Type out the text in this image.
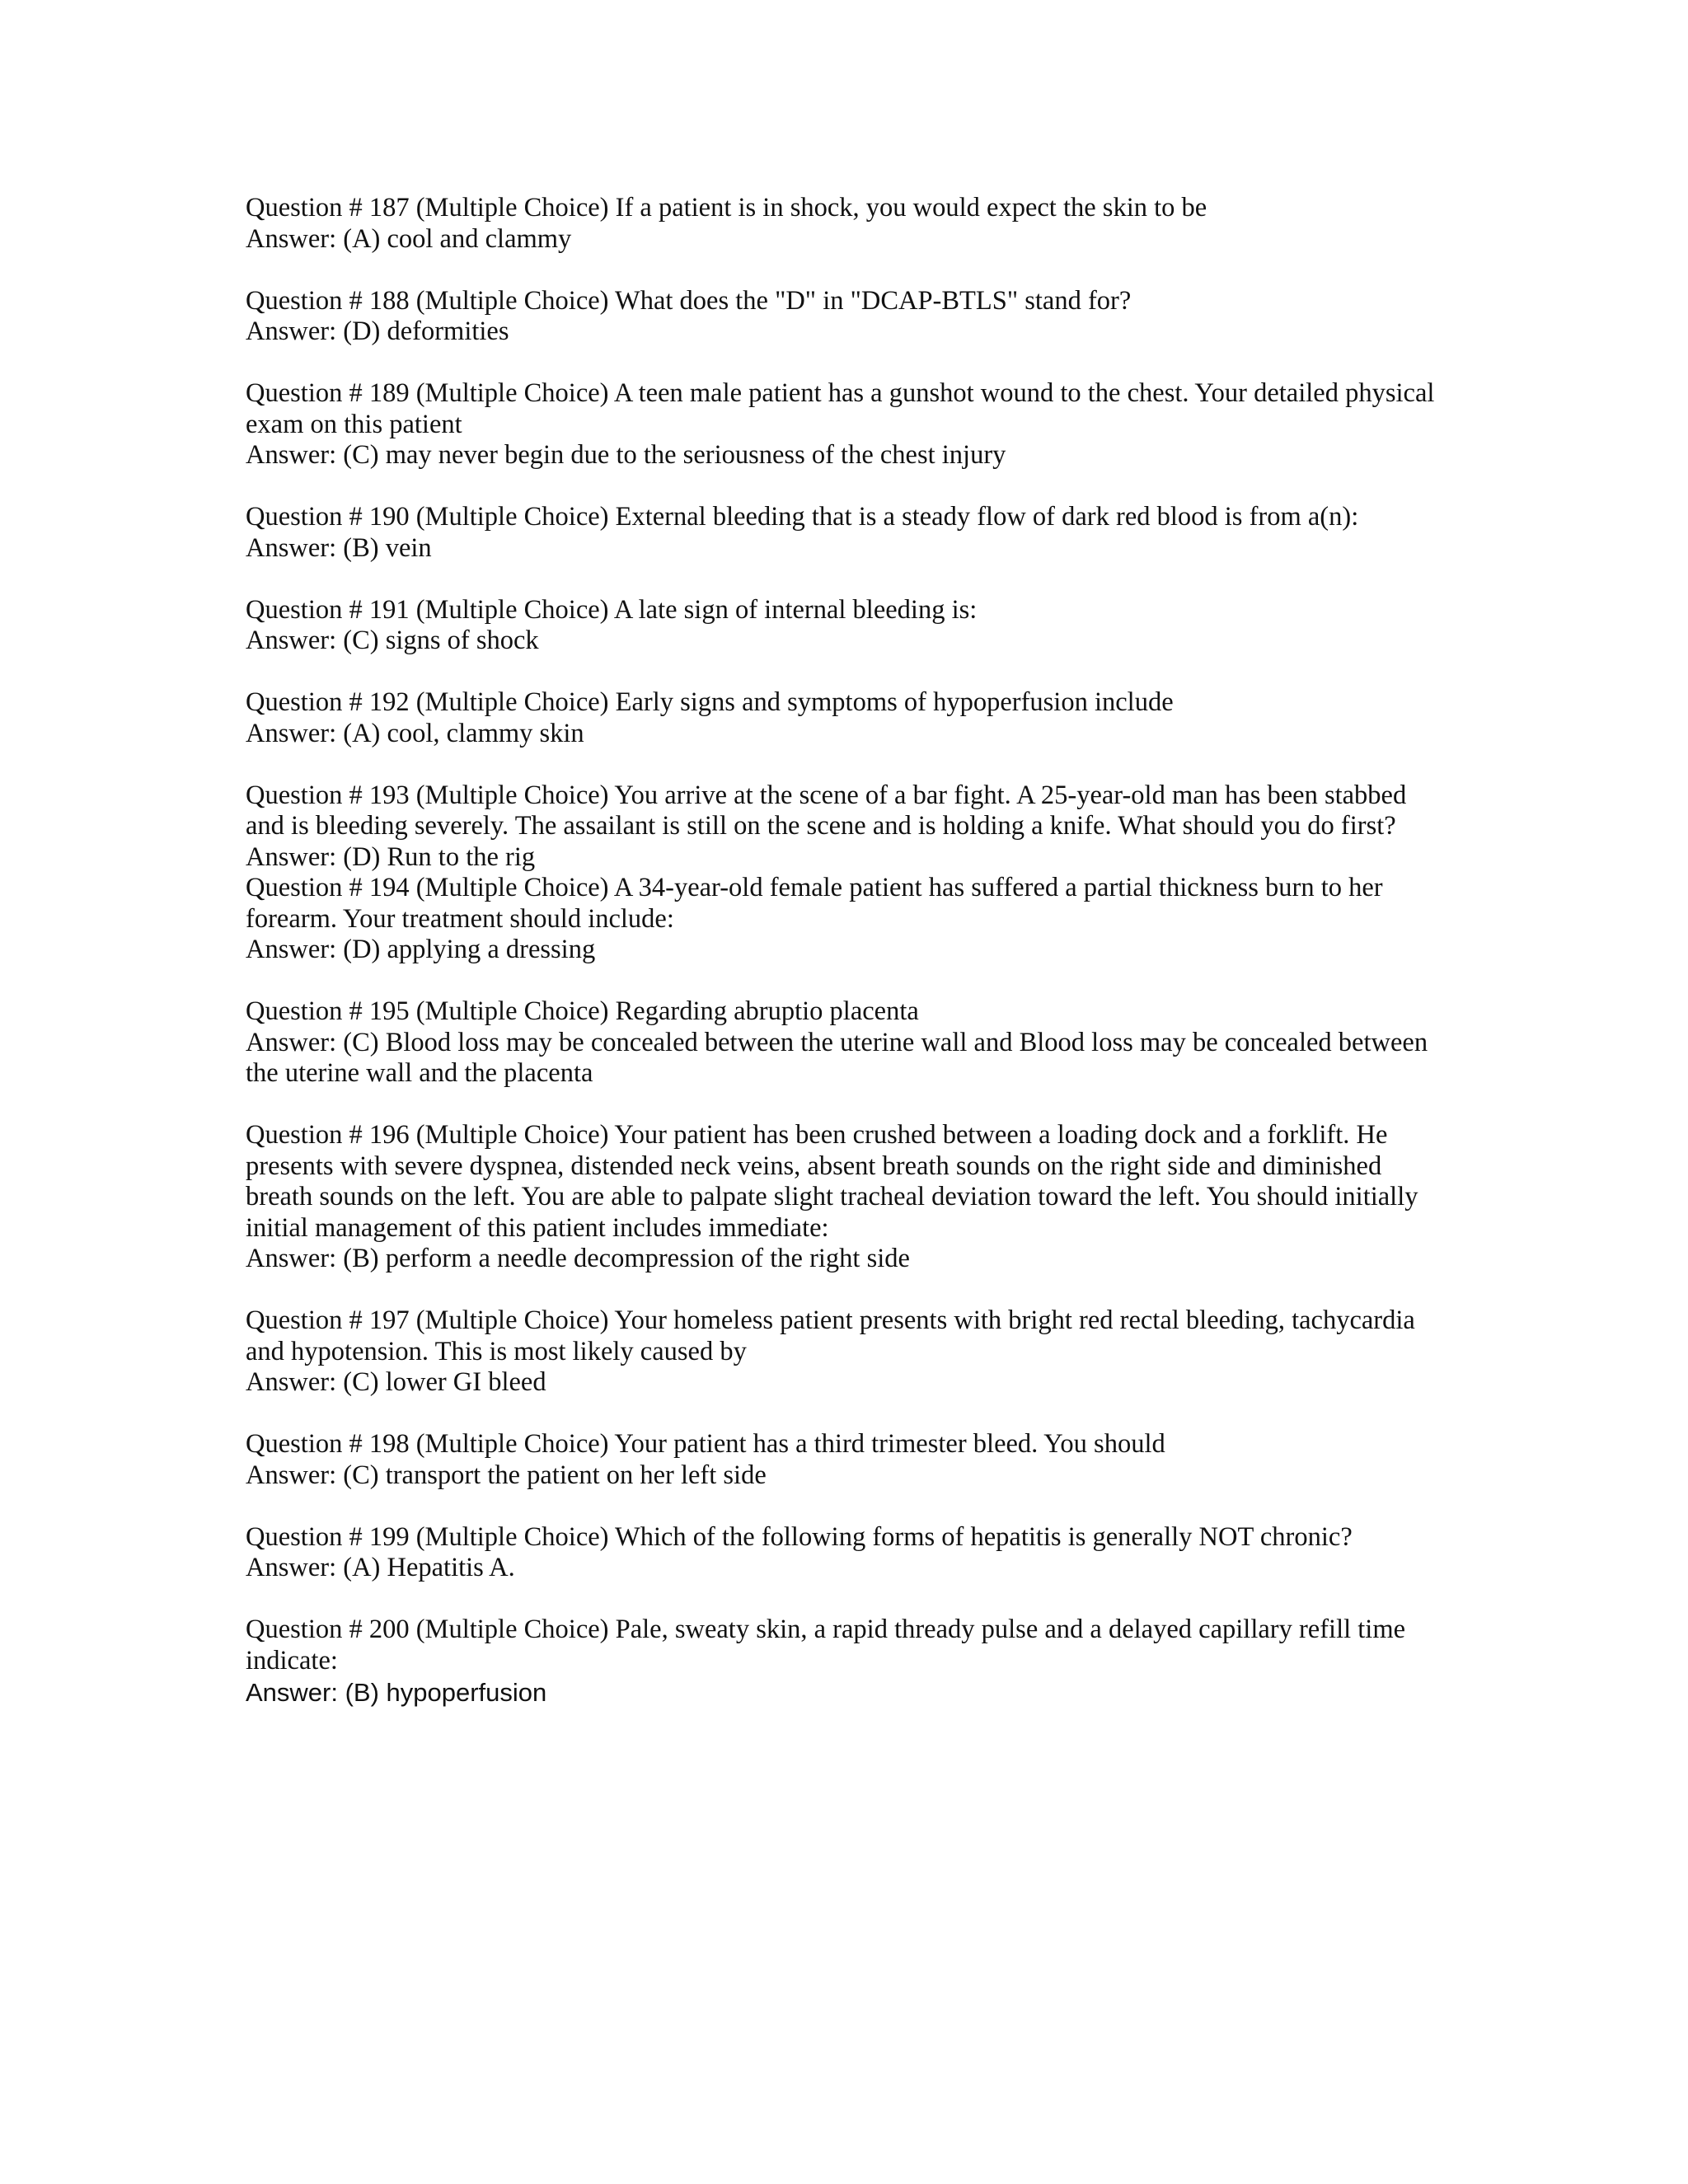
Question # 187 (Multiple Choice) If a patient is in shock, you would expect the skin to be
Answer: (A) cool and clammy
Question # 188 (Multiple Choice) What does the "D" in "DCAP-BTLS" stand for?
Answer: (D) deformities
Question # 189 (Multiple Choice) A teen male patient has a gunshot wound to the chest. Your detailed physical exam on this patient
Answer: (C) may never begin due to the seriousness of the chest injury
Question # 190 (Multiple Choice) External bleeding that is a steady flow of dark red blood is from a(n):
Answer: (B) vein
Question # 191 (Multiple Choice) A late sign of internal bleeding is:
Answer: (C) signs of shock
Question # 192 (Multiple Choice) Early signs and symptoms of hypoperfusion include
Answer: (A) cool, clammy skin
Question # 193 (Multiple Choice) You arrive at the scene of a bar fight. A 25-year-old man has been stabbed and is bleeding severely. The assailant is still on the scene and is holding a knife. What should you do first?
Answer: (D) Run to the rig
Question # 194 (Multiple Choice) A 34-year-old female patient has suffered a partial thickness burn to her forearm. Your treatment should include:
Answer: (D) applying a dressing
Question # 195 (Multiple Choice) Regarding abruptio placenta
Answer: (C) Blood loss may be concealed between the uterine wall and Blood loss may be concealed between the uterine wall and the placenta
Question # 196 (Multiple Choice) Your patient has been crushed between a loading dock and a forklift. He presents with severe dyspnea, distended neck veins, absent breath sounds on the right side and diminished breath sounds on the left. You are able to palpate slight tracheal deviation toward the left. You should initially initial management of this patient includes immediate:
Answer: (B) perform a needle decompression of the right side
Question # 197 (Multiple Choice) Your homeless patient presents with bright red rectal bleeding, tachycardia and hypotension. This is most likely caused by
Answer: (C) lower GI bleed
Question # 198 (Multiple Choice) Your patient has a third trimester bleed. You should
Answer: (C) transport the patient on her left side
Question # 199 (Multiple Choice) Which of the following forms of hepatitis is generally NOT chronic?
Answer: (A) Hepatitis A.
Question # 200 (Multiple Choice) Pale, sweaty skin, a rapid thready pulse and a delayed capillary refill time indicate:
Answer: (B) hypoperfusion
